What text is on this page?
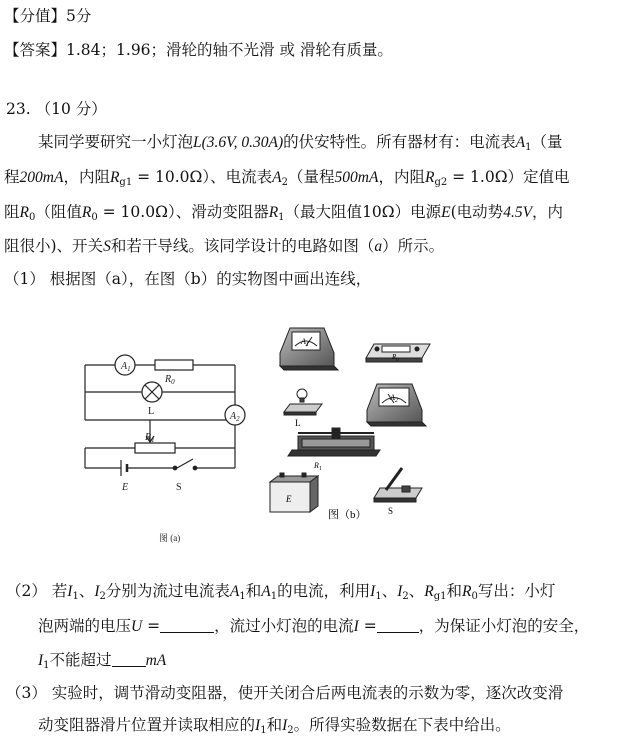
【分值】5分
【答案】1.84；1.96；滑轮的轴不光滑 或 滑轮有质量。
23. （10 分）
某同学要研究一小灯泡L(3.6V, 0.30A)的伏安特性。所有器材有：电流表$A_1$（量
程200mA，内阻$R_{g1} = 10.0\Omega$）、电流表$A_2$（量程500mA，内阻$R_{g2} = 1.0\Omega$）定值电
阻$R_0$（阻值$R_0 = 10.0\Omega$）、滑动变阻器$R_1$（最大阻值10Ω）电源E(电动势4.5V，内
阻很小)、开关S和若干导线。该同学设计的电路如图（a）所示。
（1） 根据图（a），在图（b）的实物图中画出连线，
$A_1$
$R_0$
L	$A_2$
$R_1$
E	S
图 (a)
$A_1$
$R_0$
L
$A_2$
$R_1$
E
S
图（b）
（2） 若$I_1$、$I_2$分别为流过电流表$A_1$和$A_1$的电流，利用$I_1$、$I_2$、$R_{g1}$和$R_0$写出：小灯
泡两端的电压U =	，流过小灯泡的电流I =	，为保证小灯泡的安全，
$I_1$不能超过 mA
（3） 实验时，调节滑动变阻器，使开关闭合后两电流表的示数为零，逐次改变滑
动变阻器滑片位置并读取相应的$I_1$和$I_2$。所得实验数据在下表中给出。
